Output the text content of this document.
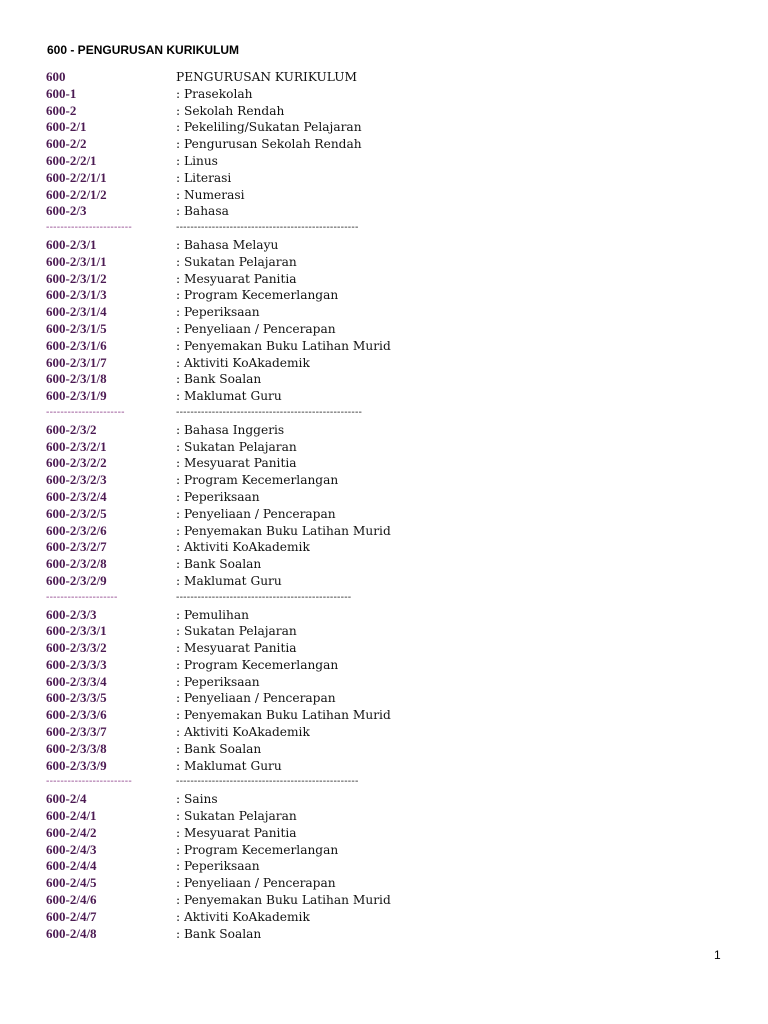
600 - PENGURUSAN KURIKULUM
600	PENGURUSAN KURIKULUM
600-1	: Prasekolah
600-2	: Sekolah Rendah
600-2/1	: Pekeliling/Sukatan Pelajaran
600-2/2	: Pengurusan Sekolah Rendah
600-2/2/1	: Linus
600-2/2/1/1	: Literasi
600-2/2/1/2	: Numerasi
600-2/3	: Bahasa
------------------------	---------------------------------------------------
600-2/3/1	: Bahasa Melayu
600-2/3/1/1	: Sukatan Pelajaran
600-2/3/1/2	: Mesyuarat Panitia
600-2/3/1/3	: Program Kecemerlangan
600-2/3/1/4	: Peperiksaan
600-2/3/1/5	: Penyeliaan / Pencerapan
600-2/3/1/6	: Penyemakan Buku Latihan Murid
600-2/3/1/7	: Aktiviti KoAkademik
600-2/3/1/8	: Bank Soalan
600-2/3/1/9	: Maklumat Guru
----------------------	----------------------------------------------------
600-2/3/2	: Bahasa Inggeris
600-2/3/2/1	: Sukatan Pelajaran
600-2/3/2/2	: Mesyuarat Panitia
600-2/3/2/3	: Program Kecemerlangan
600-2/3/2/4	: Peperiksaan
600-2/3/2/5	: Penyeliaan / Pencerapan
600-2/3/2/6	: Penyemakan Buku Latihan Murid
600-2/3/2/7	: Aktiviti KoAkademik
600-2/3/2/8	: Bank Soalan
600-2/3/2/9	: Maklumat Guru
--------------------	-------------------------------------------------
600-2/3/3	: Pemulihan
600-2/3/3/1	: Sukatan Pelajaran
600-2/3/3/2	: Mesyuarat Panitia
600-2/3/3/3	: Program Kecemerlangan
600-2/3/3/4	: Peperiksaan
600-2/3/3/5	: Penyeliaan / Pencerapan
600-2/3/3/6	: Penyemakan Buku Latihan Murid
600-2/3/3/7	: Aktiviti KoAkademik
600-2/3/3/8	: Bank Soalan
600-2/3/3/9	: Maklumat Guru
------------------------	---------------------------------------------------
600-2/4	: Sains
600-2/4/1	: Sukatan Pelajaran
600-2/4/2	: Mesyuarat Panitia
600-2/4/3	: Program Kecemerlangan
600-2/4/4	: Peperiksaan
600-2/4/5	: Penyeliaan / Pencerapan
600-2/4/6	: Penyemakan Buku Latihan Murid
600-2/4/7	: Aktiviti KoAkademik
600-2/4/8	: Bank Soalan
1
